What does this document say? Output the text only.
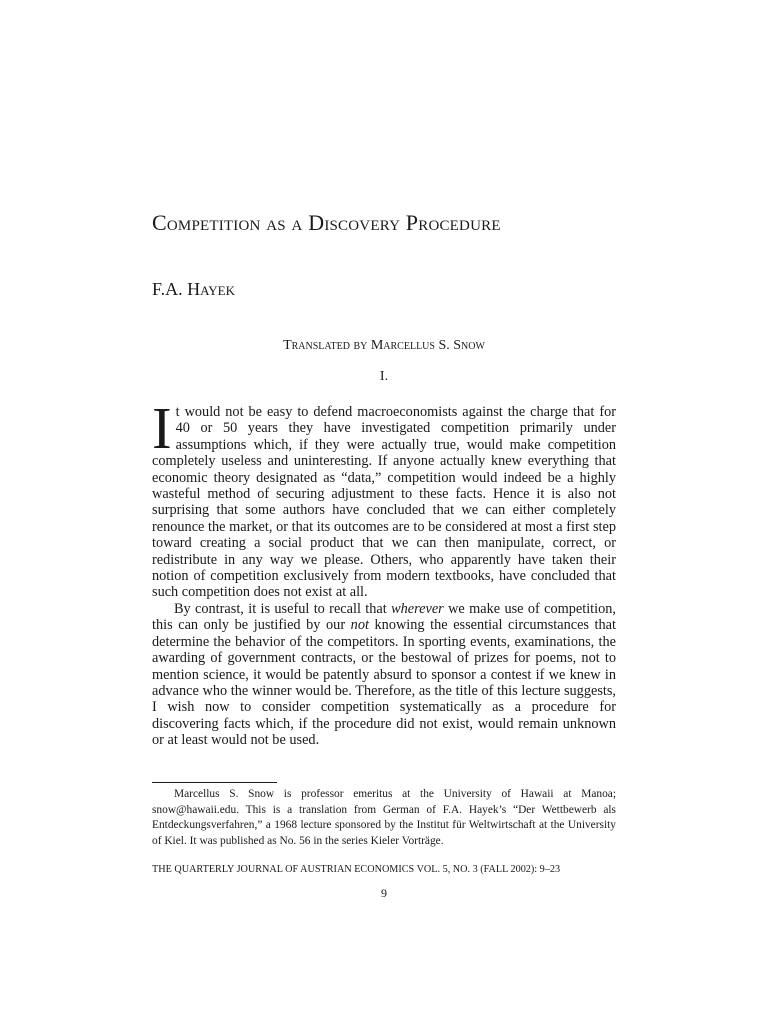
Competition as a Discovery Procedure
F.A. Hayek
Translated by Marcellus S. Snow
I.

It would not be easy to defend macroeconomists against the charge that for 40 or 50 years they have investigated competition primarily under assumptions which, if they were actually true, would make competition completely useless and uninteresting. If anyone actually knew everything that economic theory designated as “data,” competition would indeed be a highly wasteful method of securing adjustment to these facts. Hence it is also not surprising that some authors have concluded that we can either completely renounce the market, or that its outcomes are to be considered at most a first step toward creating a social product that we can then manipulate, correct, or redistribute in any way we please. Others, who apparently have taken their notion of competition exclusively from modern textbooks, have concluded that such competition does not exist at all.

By contrast, it is useful to recall that wherever we make use of competition, this can only be justified by our not knowing the essential circumstances that determine the behavior of the competitors. In sporting events, examinations, the awarding of government contracts, or the bestowal of prizes for poems, not to mention science, it would be patently absurd to sponsor a contest if we knew in advance who the winner would be. Therefore, as the title of this lecture suggests, I wish now to consider competition systematically as a procedure for discovering facts which, if the procedure did not exist, would remain unknown or at least would not be used.

Marcellus S. Snow is professor emeritus at the University of Hawaii at Manoa; snow@hawaii.edu. This is a translation from German of F.A. Hayek’s “Der Wettbewerb als Entdeckungsverfahren,” a 1968 lecture sponsored by the Institut für Weltwirtschaft at the University of Kiel. It was published as No. 56 in the series Kieler Vorträge.

THE QUARTERLY JOURNAL OF AUSTRIAN ECONOMICS VOL. 5, NO. 3 (FALL 2002): 9–23
9
